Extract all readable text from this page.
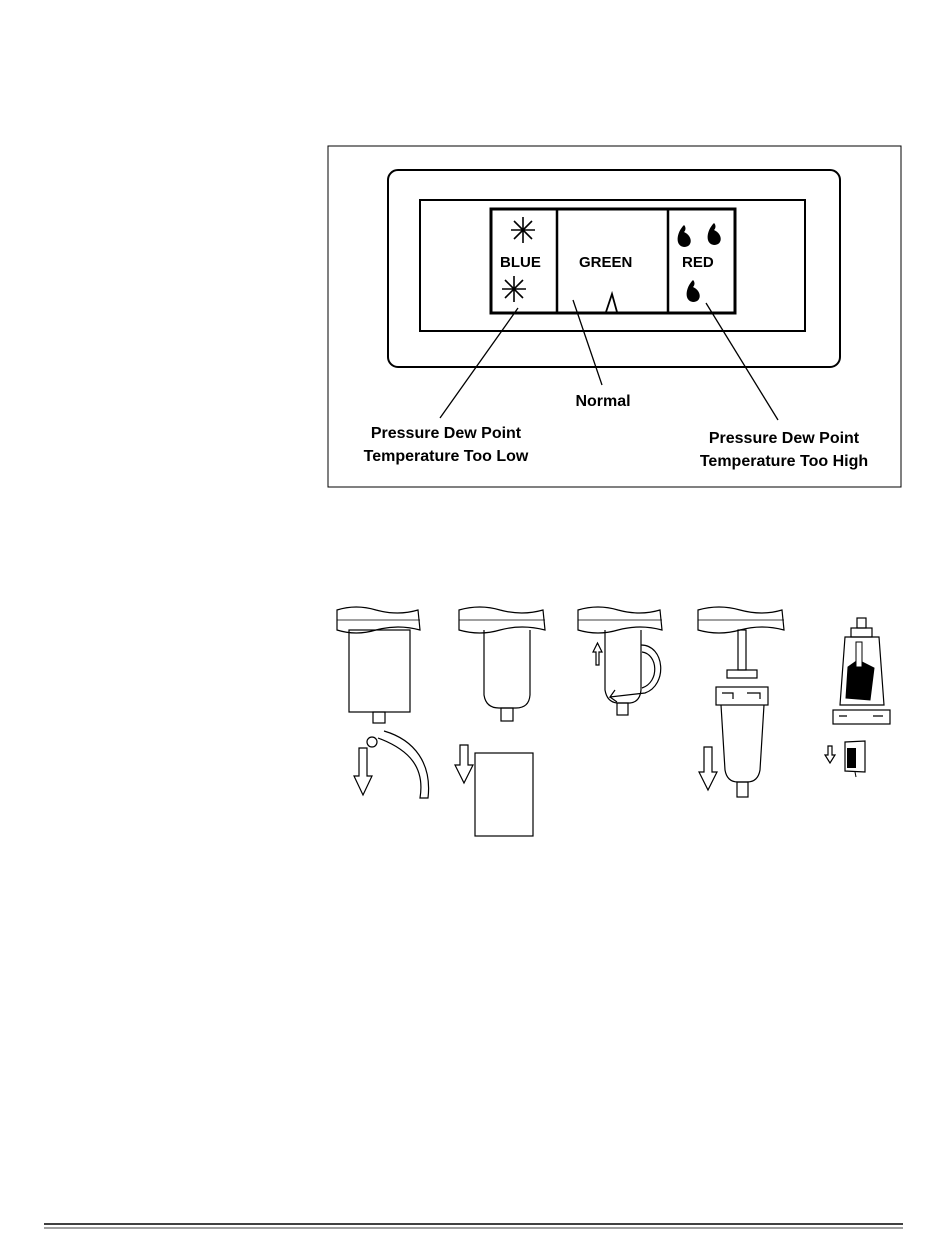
BLUE	GREEN	RED
Pressure Dew Point
Temperature Too Low
Normal
Pressure Dew Point
Temperature Too High
